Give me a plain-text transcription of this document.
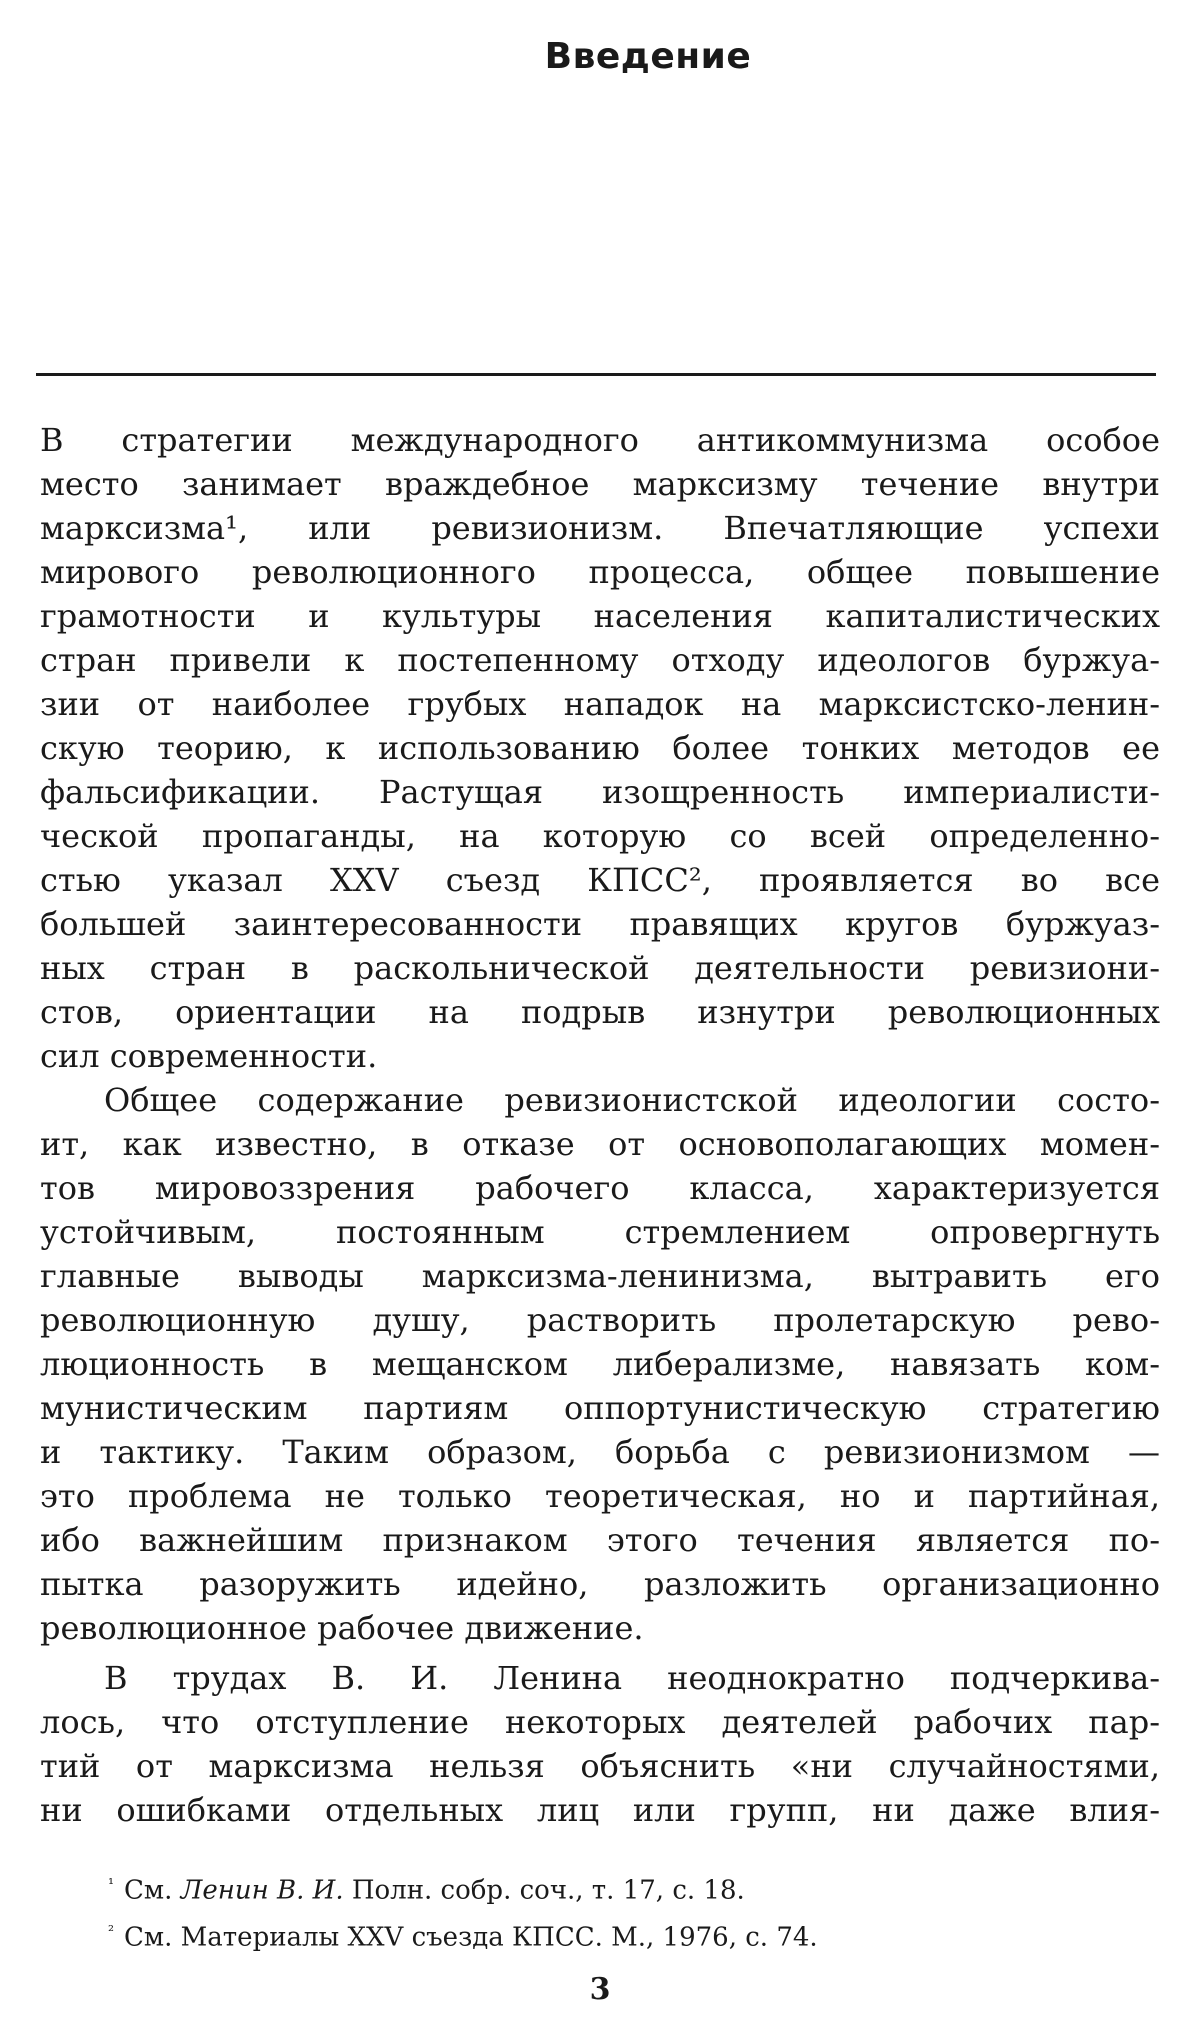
Введение
В стратегии международного антикоммунизма особое
место занимает враждебное марксизму течение внутри
марксизма¹, или ревизионизм. Впечатляющие успехи
мирового революционного процесса, общее повышение
грамотности и культуры населения капиталистических
стран привели к постепенному отходу идеологов буржуа-
зии от наиболее грубых нападок на марксистско-ленин-
скую теорию, к использованию более тонких методов ее
фальсификации. Растущая изощренность империалисти-
ческой пропаганды, на которую со всей определенно-
стью указал XXV съезд КПСС², проявляется во все
большей заинтересованности правящих кругов буржуаз-
ных стран в раскольнической деятельности ревизиони-
стов, ориентации на подрыв изнутри революционных
сил современности.
Общее содержание ревизионистской идеологии состо-
ит, как известно, в отказе от основополагающих момен-
тов мировоззрения рабочего класса, характеризуется
устойчивым, постоянным стремлением опровергнуть
главные выводы марксизма-ленинизма, вытравить его
революционную душу, растворить пролетарскую рево-
люционность в мещанском либерализме, навязать ком-
мунистическим партиям оппортунистическую стратегию
и тактику. Таким образом, борьба с ревизионизмом —
это проблема не только теоретическая, но и партийная,
ибо важнейшим признаком этого течения является по-
пытка разоружить идейно, разложить организационно
революционное рабочее движение.
В трудах В. И. Ленина неоднократно подчеркива-
лось, что отступление некоторых деятелей рабочих пар-
тий от марксизма нельзя объяснить «ни случайностями,
ни ошибками отдельных лиц или групп, ни даже влия-
$^{^1}$ См. Ленин В. И. Полн. собр. соч., т. 17, с. 18.
$^{^2}$ См. Материалы XXV съезда КПСС. М., 1976, с. 74.
3
